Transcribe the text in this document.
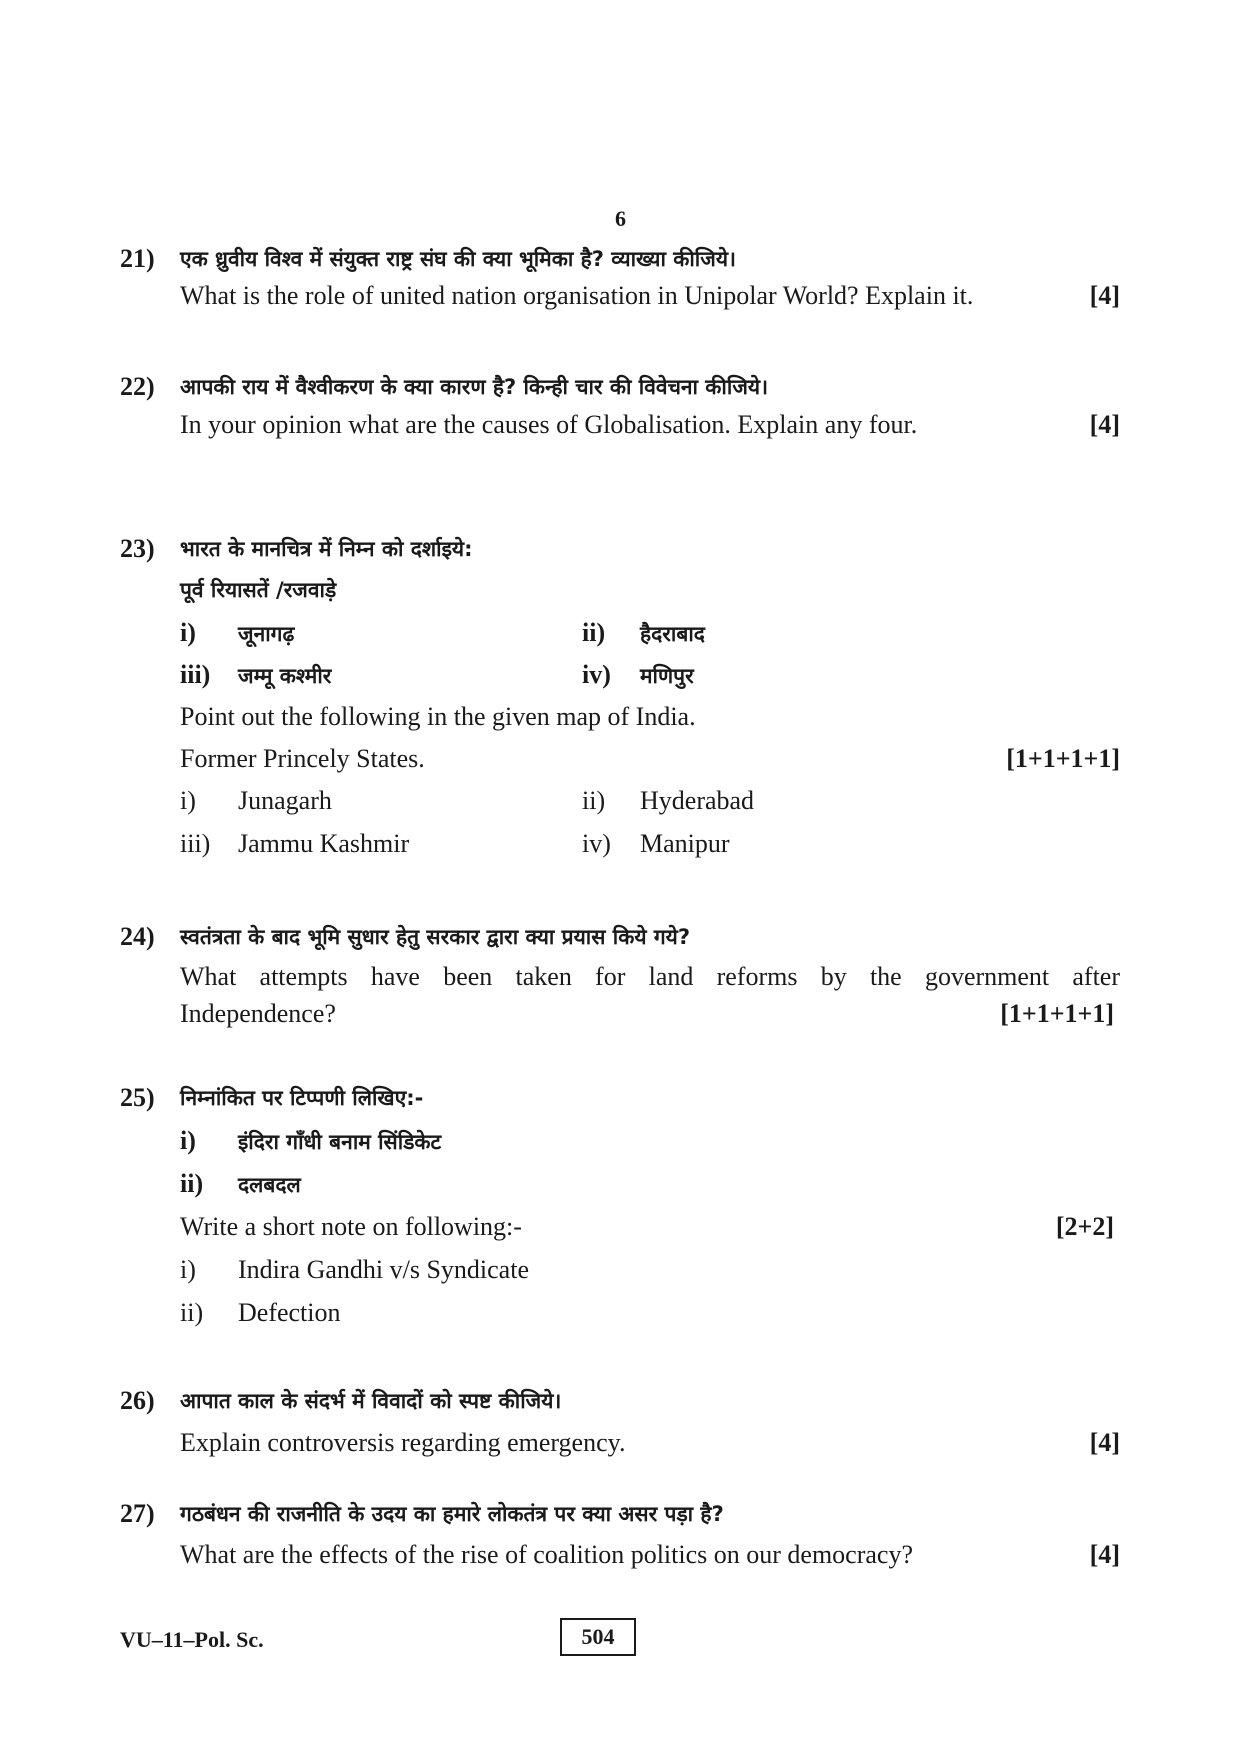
6
21) एक ध्रुवीय विश्व में संयुक्त राष्ट्र संघ की क्या भूमिका है? व्याख्या कीजिये।
What is the role of united nation organisation in Unipolar World? Explain it.	[4]
22) आपकी राय में वैश्वीकरण के क्या कारण है? किन्ही चार की विवेचना कीजिये।
In your opinion what are the causes of Globalisation. Explain any four.	[4]
23) भारत के मानचित्र में निम्न को दर्शाइये:
पूर्व रियासतें /रजवाड़े
i) जूनागढ़	ii) हैदराबाद
iii) जम्मू कश्मीर	iv) मणिपुर
Point out the following in the given map of India.
Former Princely States.	[1+1+1+1]
i) Junagarh	ii) Hyderabad
iii) Jammu Kashmir	iv) Manipur
24) स्वतंत्रता के बाद भूमि सुधार हेतु सरकार द्वारा क्या प्रयास किये गये?
What attempts have been taken for land reforms by the government after
Independence?	[1+1+1+1]
25) निम्नांकित पर टिप्पणी लिखिए:-
i) इंदिरा गाँधी बनाम सिंडिकेट
ii) दलबदल
Write a short note on following:-	[2+2]
i) Indira Gandhi v/s Syndicate
ii) Defection
26) आपात काल के संदर्भ में विवादों को स्पष्ट कीजिये।
Explain controversis regarding emergency.	[4]
27) गठबंधन की राजनीति के उदय का हमारे लोकतंत्र पर क्या असर पड़ा है?
What are the effects of the rise of coalition politics on our democracy?	[4]
VU–11–Pol. Sc.	504
